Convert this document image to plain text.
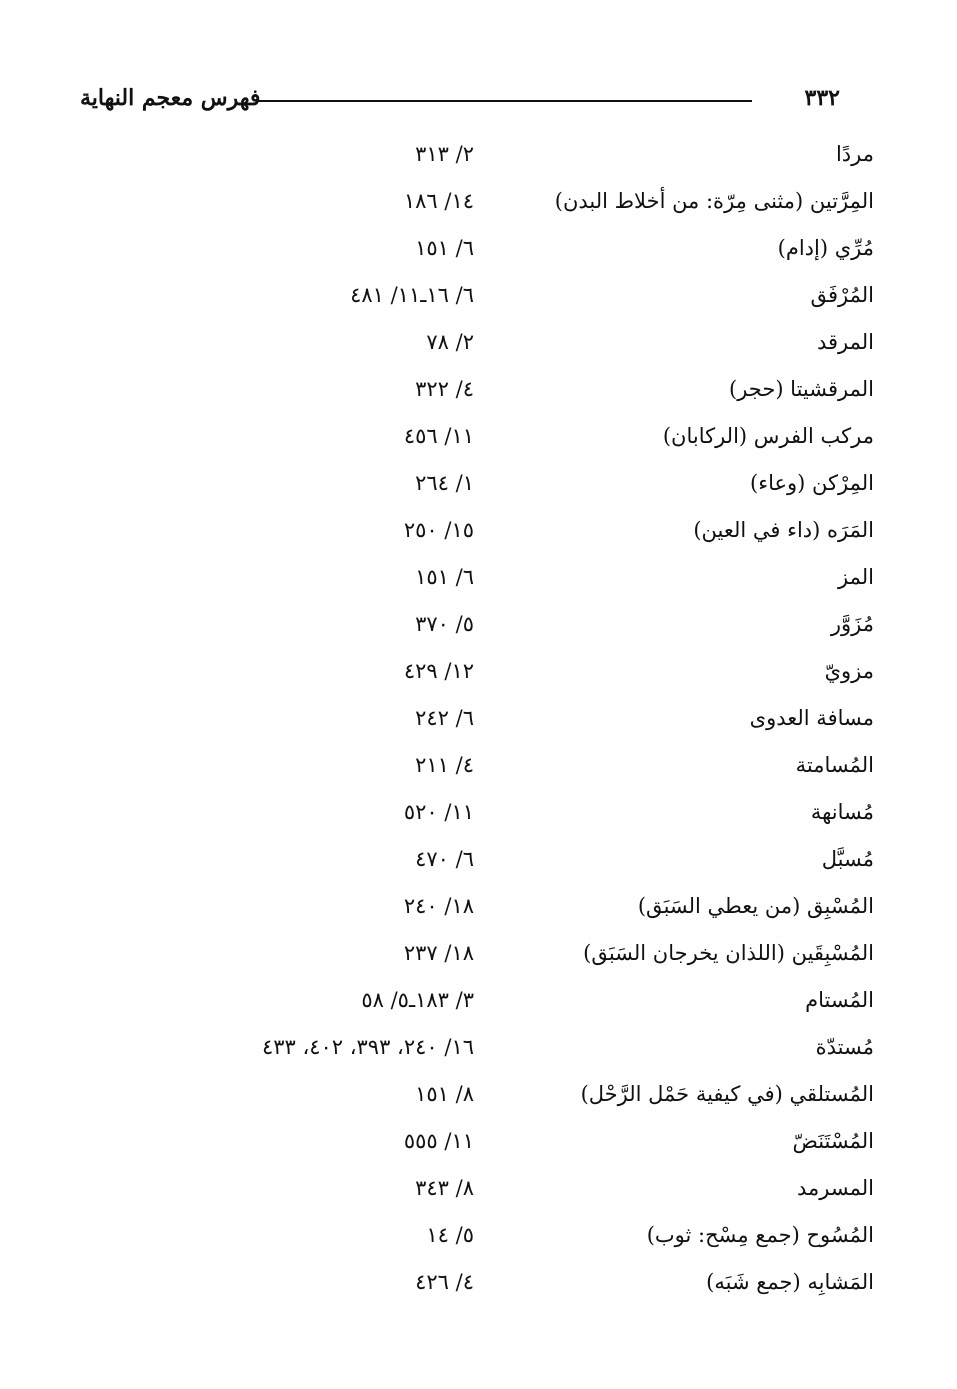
فهرس معجم النهاية	٣٣٢
مردًا
٢/ ٣١٣
المِرَّتين (مثنى مِرّة: من أخلاط البدن)
١٤/ ١٨٦
مُرِّي (إدام)
٦/ ١٥١
المُرْفَق
٦/ ١٦ـ١١/ ٤٨١
المرقد
٢/ ٧٨
المرقشيتا (حجر)
٤/ ٣٢٢
مركب الفرس (الركابان)
١١/ ٤٥٦
المِرْكن (وعاء)
١/ ٢٦٤
المَرَه (داء في العين)
١٥/ ٢٥٠
المز
٦/ ١٥١
مُزَوَّر
٥/ ٣٧٠
مزويّ
١٢/ ٤٢٩
مسافة العدوى
٦/ ٢٤٢
المُسامتة
٤/ ٢١١
مُسانهة
١١/ ٥٢٠
مُسبَّل
٦/ ٤٧٠
المُسْبِق (من يعطي السَبَق)
١٨/ ٢٤٠
المُسْبِقَين (اللذان يخرجان السَبَق)
١٨/ ٢٣٧
المُستام
٣/ ١٨٣ـ٥/ ٥٨
مُستدّة
١٦/ ٢٤٠، ٣٩٣، ٤٠٢، ٤٣٣
المُستلقي (في كيفية حَمْل الرَّحْل)
٨/ ١٥١
المُسْتَنَضّ
١١/ ٥٥٥
المسرمد
٨/ ٣٤٣
المُسُوح (جمع مِسْح: ثوب)
٥/ ١٤
المَشابِه (جمع شَبَه)
٤/ ٤٢٦
